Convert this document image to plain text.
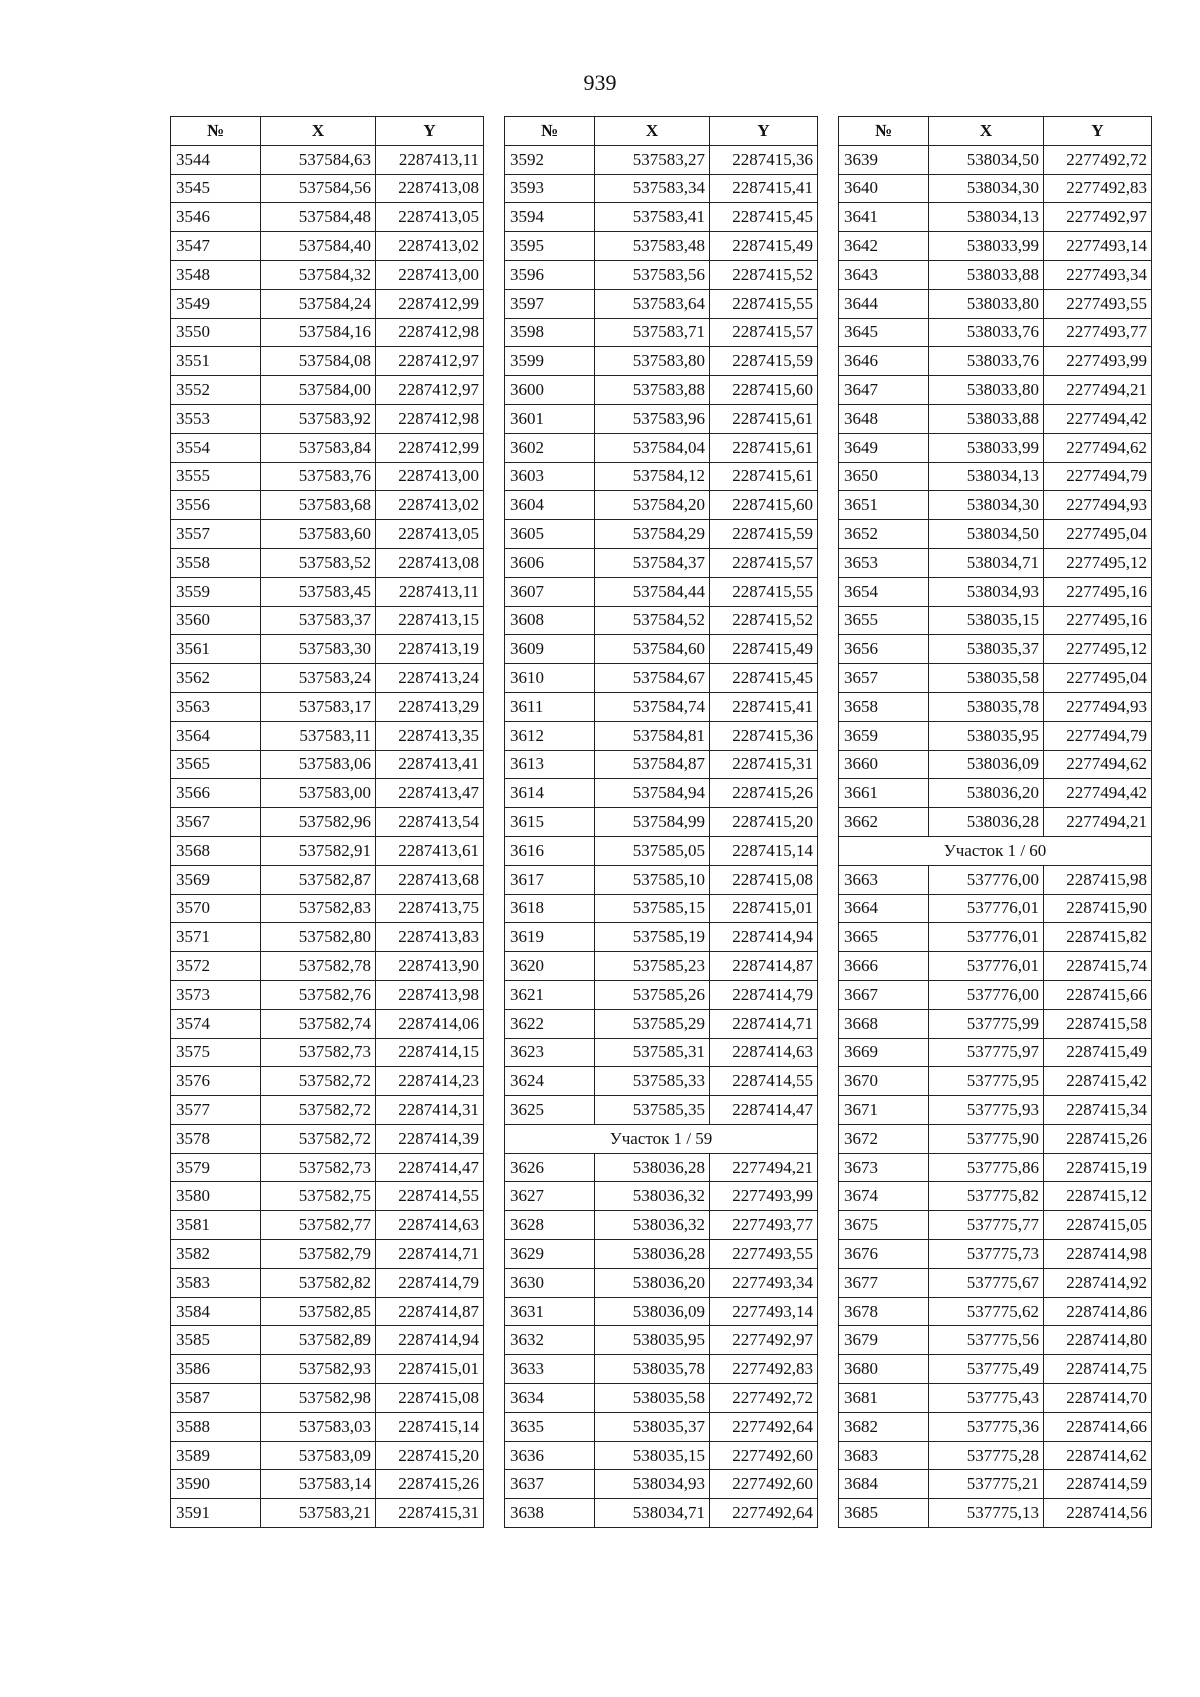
939
№	X	Y
3544	537584,63	2287413,11
3545	537584,56	2287413,08
3546	537584,48	2287413,05
3547	537584,40	2287413,02
3548	537584,32	2287413,00
3549	537584,24	2287412,99
3550	537584,16	2287412,98
3551	537584,08	2287412,97
3552	537584,00	2287412,97
3553	537583,92	2287412,98
3554	537583,84	2287412,99
3555	537583,76	2287413,00
3556	537583,68	2287413,02
3557	537583,60	2287413,05
3558	537583,52	2287413,08
3559	537583,45	2287413,11
3560	537583,37	2287413,15
3561	537583,30	2287413,19
3562	537583,24	2287413,24
3563	537583,17	2287413,29
3564	537583,11	2287413,35
3565	537583,06	2287413,41
3566	537583,00	2287413,47
3567	537582,96	2287413,54
3568	537582,91	2287413,61
3569	537582,87	2287413,68
3570	537582,83	2287413,75
3571	537582,80	2287413,83
3572	537582,78	2287413,90
3573	537582,76	2287413,98
3574	537582,74	2287414,06
3575	537582,73	2287414,15
3576	537582,72	2287414,23
3577	537582,72	2287414,31
3578	537582,72	2287414,39
3579	537582,73	2287414,47
3580	537582,75	2287414,55
3581	537582,77	2287414,63
3582	537582,79	2287414,71
3583	537582,82	2287414,79
3584	537582,85	2287414,87
3585	537582,89	2287414,94
3586	537582,93	2287415,01
3587	537582,98	2287415,08
3588	537583,03	2287415,14
3589	537583,09	2287415,20
3590	537583,14	2287415,26
3591	537583,21	2287415,31
№	X	Y
3592	537583,27	2287415,36
3593	537583,34	2287415,41
3594	537583,41	2287415,45
3595	537583,48	2287415,49
3596	537583,56	2287415,52
3597	537583,64	2287415,55
3598	537583,71	2287415,57
3599	537583,80	2287415,59
3600	537583,88	2287415,60
3601	537583,96	2287415,61
3602	537584,04	2287415,61
3603	537584,12	2287415,61
3604	537584,20	2287415,60
3605	537584,29	2287415,59
3606	537584,37	2287415,57
3607	537584,44	2287415,55
3608	537584,52	2287415,52
3609	537584,60	2287415,49
3610	537584,67	2287415,45
3611	537584,74	2287415,41
3612	537584,81	2287415,36
3613	537584,87	2287415,31
3614	537584,94	2287415,26
3615	537584,99	2287415,20
3616	537585,05	2287415,14
3617	537585,10	2287415,08
3618	537585,15	2287415,01
3619	537585,19	2287414,94
3620	537585,23	2287414,87
3621	537585,26	2287414,79
3622	537585,29	2287414,71
3623	537585,31	2287414,63
3624	537585,33	2287414,55
3625	537585,35	2287414,47
Участок 1 / 59		
3626	538036,28	2277494,21
3627	538036,32	2277493,99
3628	538036,32	2277493,77
3629	538036,28	2277493,55
3630	538036,20	2277493,34
3631	538036,09	2277493,14
3632	538035,95	2277492,97
3633	538035,78	2277492,83
3634	538035,58	2277492,72
3635	538035,37	2277492,64
3636	538035,15	2277492,60
3637	538034,93	2277492,60
3638	538034,71	2277492,64
№	X	Y
3639	538034,50	2277492,72
3640	538034,30	2277492,83
3641	538034,13	2277492,97
3642	538033,99	2277493,14
3643	538033,88	2277493,34
3644	538033,80	2277493,55
3645	538033,76	2277493,77
3646	538033,76	2277493,99
3647	538033,80	2277494,21
3648	538033,88	2277494,42
3649	538033,99	2277494,62
3650	538034,13	2277494,79
3651	538034,30	2277494,93
3652	538034,50	2277495,04
3653	538034,71	2277495,12
3654	538034,93	2277495,16
3655	538035,15	2277495,16
3656	538035,37	2277495,12
3657	538035,58	2277495,04
3658	538035,78	2277494,93
3659	538035,95	2277494,79
3660	538036,09	2277494,62
3661	538036,20	2277494,42
3662	538036,28	2277494,21
Участок 1 / 60		
3663	537776,00	2287415,98
3664	537776,01	2287415,90
3665	537776,01	2287415,82
3666	537776,01	2287415,74
3667	537776,00	2287415,66
3668	537775,99	2287415,58
3669	537775,97	2287415,49
3670	537775,95	2287415,42
3671	537775,93	2287415,34
3672	537775,90	2287415,26
3673	537775,86	2287415,19
3674	537775,82	2287415,12
3675	537775,77	2287415,05
3676	537775,73	2287414,98
3677	537775,67	2287414,92
3678	537775,62	2287414,86
3679	537775,56	2287414,80
3680	537775,49	2287414,75
3681	537775,43	2287414,70
3682	537775,36	2287414,66
3683	537775,28	2287414,62
3684	537775,21	2287414,59
3685	537775,13	2287414,56
